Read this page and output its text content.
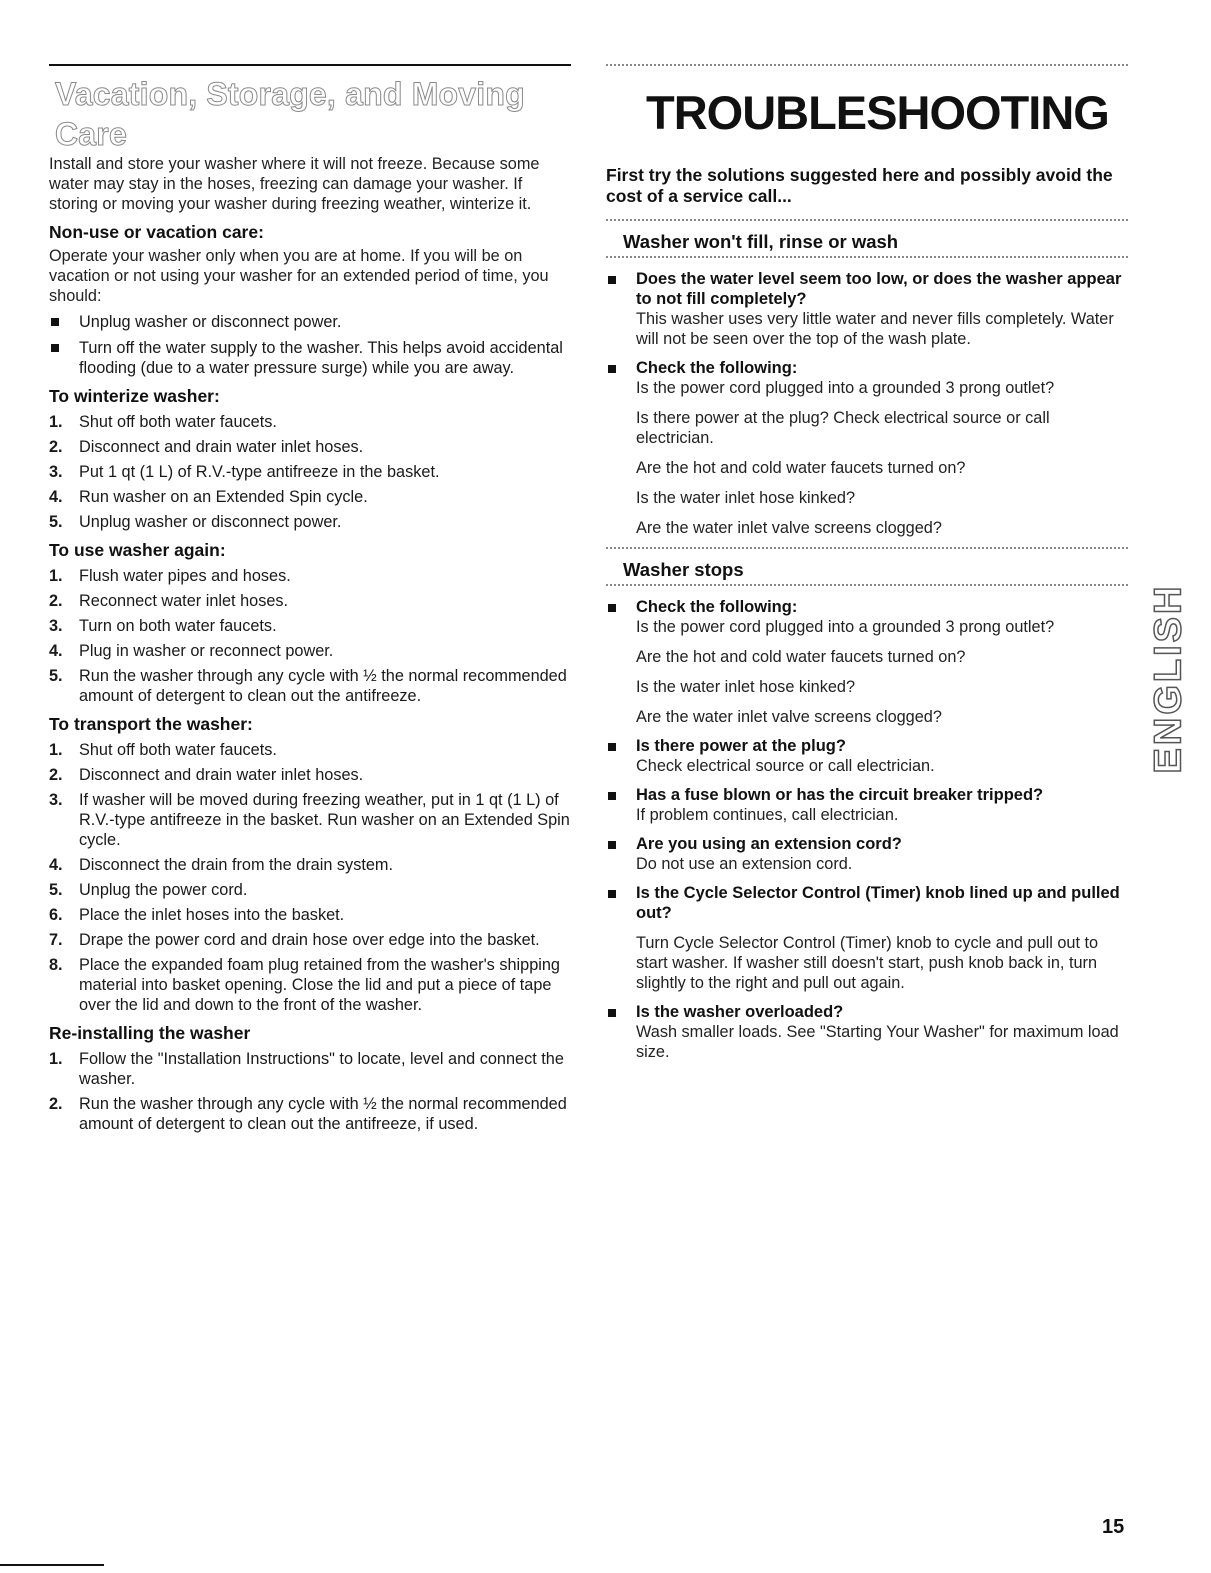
Vacation, Storage, and Moving Care

Install and store your washer where it will not freeze. Because some water may stay in the hoses, freezing can damage your washer. If storing or moving your washer during freezing weather, winterize it.

Non-use or vacation care:

Operate your washer only when you are at home. If you will be on vacation or not using your washer for an extended period of time, you should:

Unplug washer or disconnect power.
Turn off the water supply to the washer. This helps avoid accidental flooding (due to a water pressure surge) while you are away.
To winterize washer:
1. Shut off both water faucets.
2. Disconnect and drain water inlet hoses.
3. Put 1 qt (1 L) of R.V.-type antifreeze in the basket.
4. Run washer on an Extended Spin cycle.
5. Unplug washer or disconnect power.
To use washer again:
1. Flush water pipes and hoses.
2. Reconnect water inlet hoses.
3. Turn on both water faucets.
4. Plug in washer or reconnect power.
5. Run the washer through any cycle with ½ the normal recommended amount of detergent to clean out the antifreeze.
To transport the washer:
1. Shut off both water faucets.
2. Disconnect and drain water inlet hoses.
3. If washer will be moved during freezing weather, put in 1 qt (1 L) of R.V.-type antifreeze in the basket. Run washer on an Extended Spin cycle.
4. Disconnect the drain from the drain system.
5. Unplug the power cord.
6. Place the inlet hoses into the basket.
7. Drape the power cord and drain hose over edge into the basket.
8. Place the expanded foam plug retained from the washer's shipping material into basket opening. Close the lid and put a piece of tape over the lid and down to the front of the washer.
Re-installing the washer
1. Follow the "Installation Instructions" to locate, level and connect the washer.
2. Run the washer through any cycle with ½ the normal recommended amount of detergent to clean out the antifreeze, if used.
TROUBLESHOOTING

First try the solutions suggested here and possibly avoid the cost of a service call...

Washer won't fill, rinse or wash

Does the water level seem too low, or does the washer appear to not fill completely?

This washer uses very little water and never fills completely. Water will not be seen over the top of the wash plate.

Check the following:

Is the power cord plugged into a grounded 3 prong outlet?

Is there power at the plug? Check electrical source or call electrician.

Are the hot and cold water faucets turned on?

Is the water inlet hose kinked?

Are the water inlet valve screens clogged?

Washer stops

Check the following:

Is the power cord plugged into a grounded 3 prong outlet?

Are the hot and cold water faucets turned on?

Is the water inlet hose kinked?

Are the water inlet valve screens clogged?

Is there power at the plug?

Check electrical source or call electrician.

Has a fuse blown or has the circuit breaker tripped?

If problem continues, call electrician.

Are you using an extension cord?

Do not use an extension cord.

Is the Cycle Selector Control (Timer) knob lined up and pulled out?

Turn Cycle Selector Control (Timer) knob to cycle and pull out to start washer. If washer still doesn't start, push knob back in, turn slightly to the right and pull out again.

Is the washer overloaded?

Wash smaller loads. See "Starting Your Washer" for maximum load size.

ENGLISH
15
